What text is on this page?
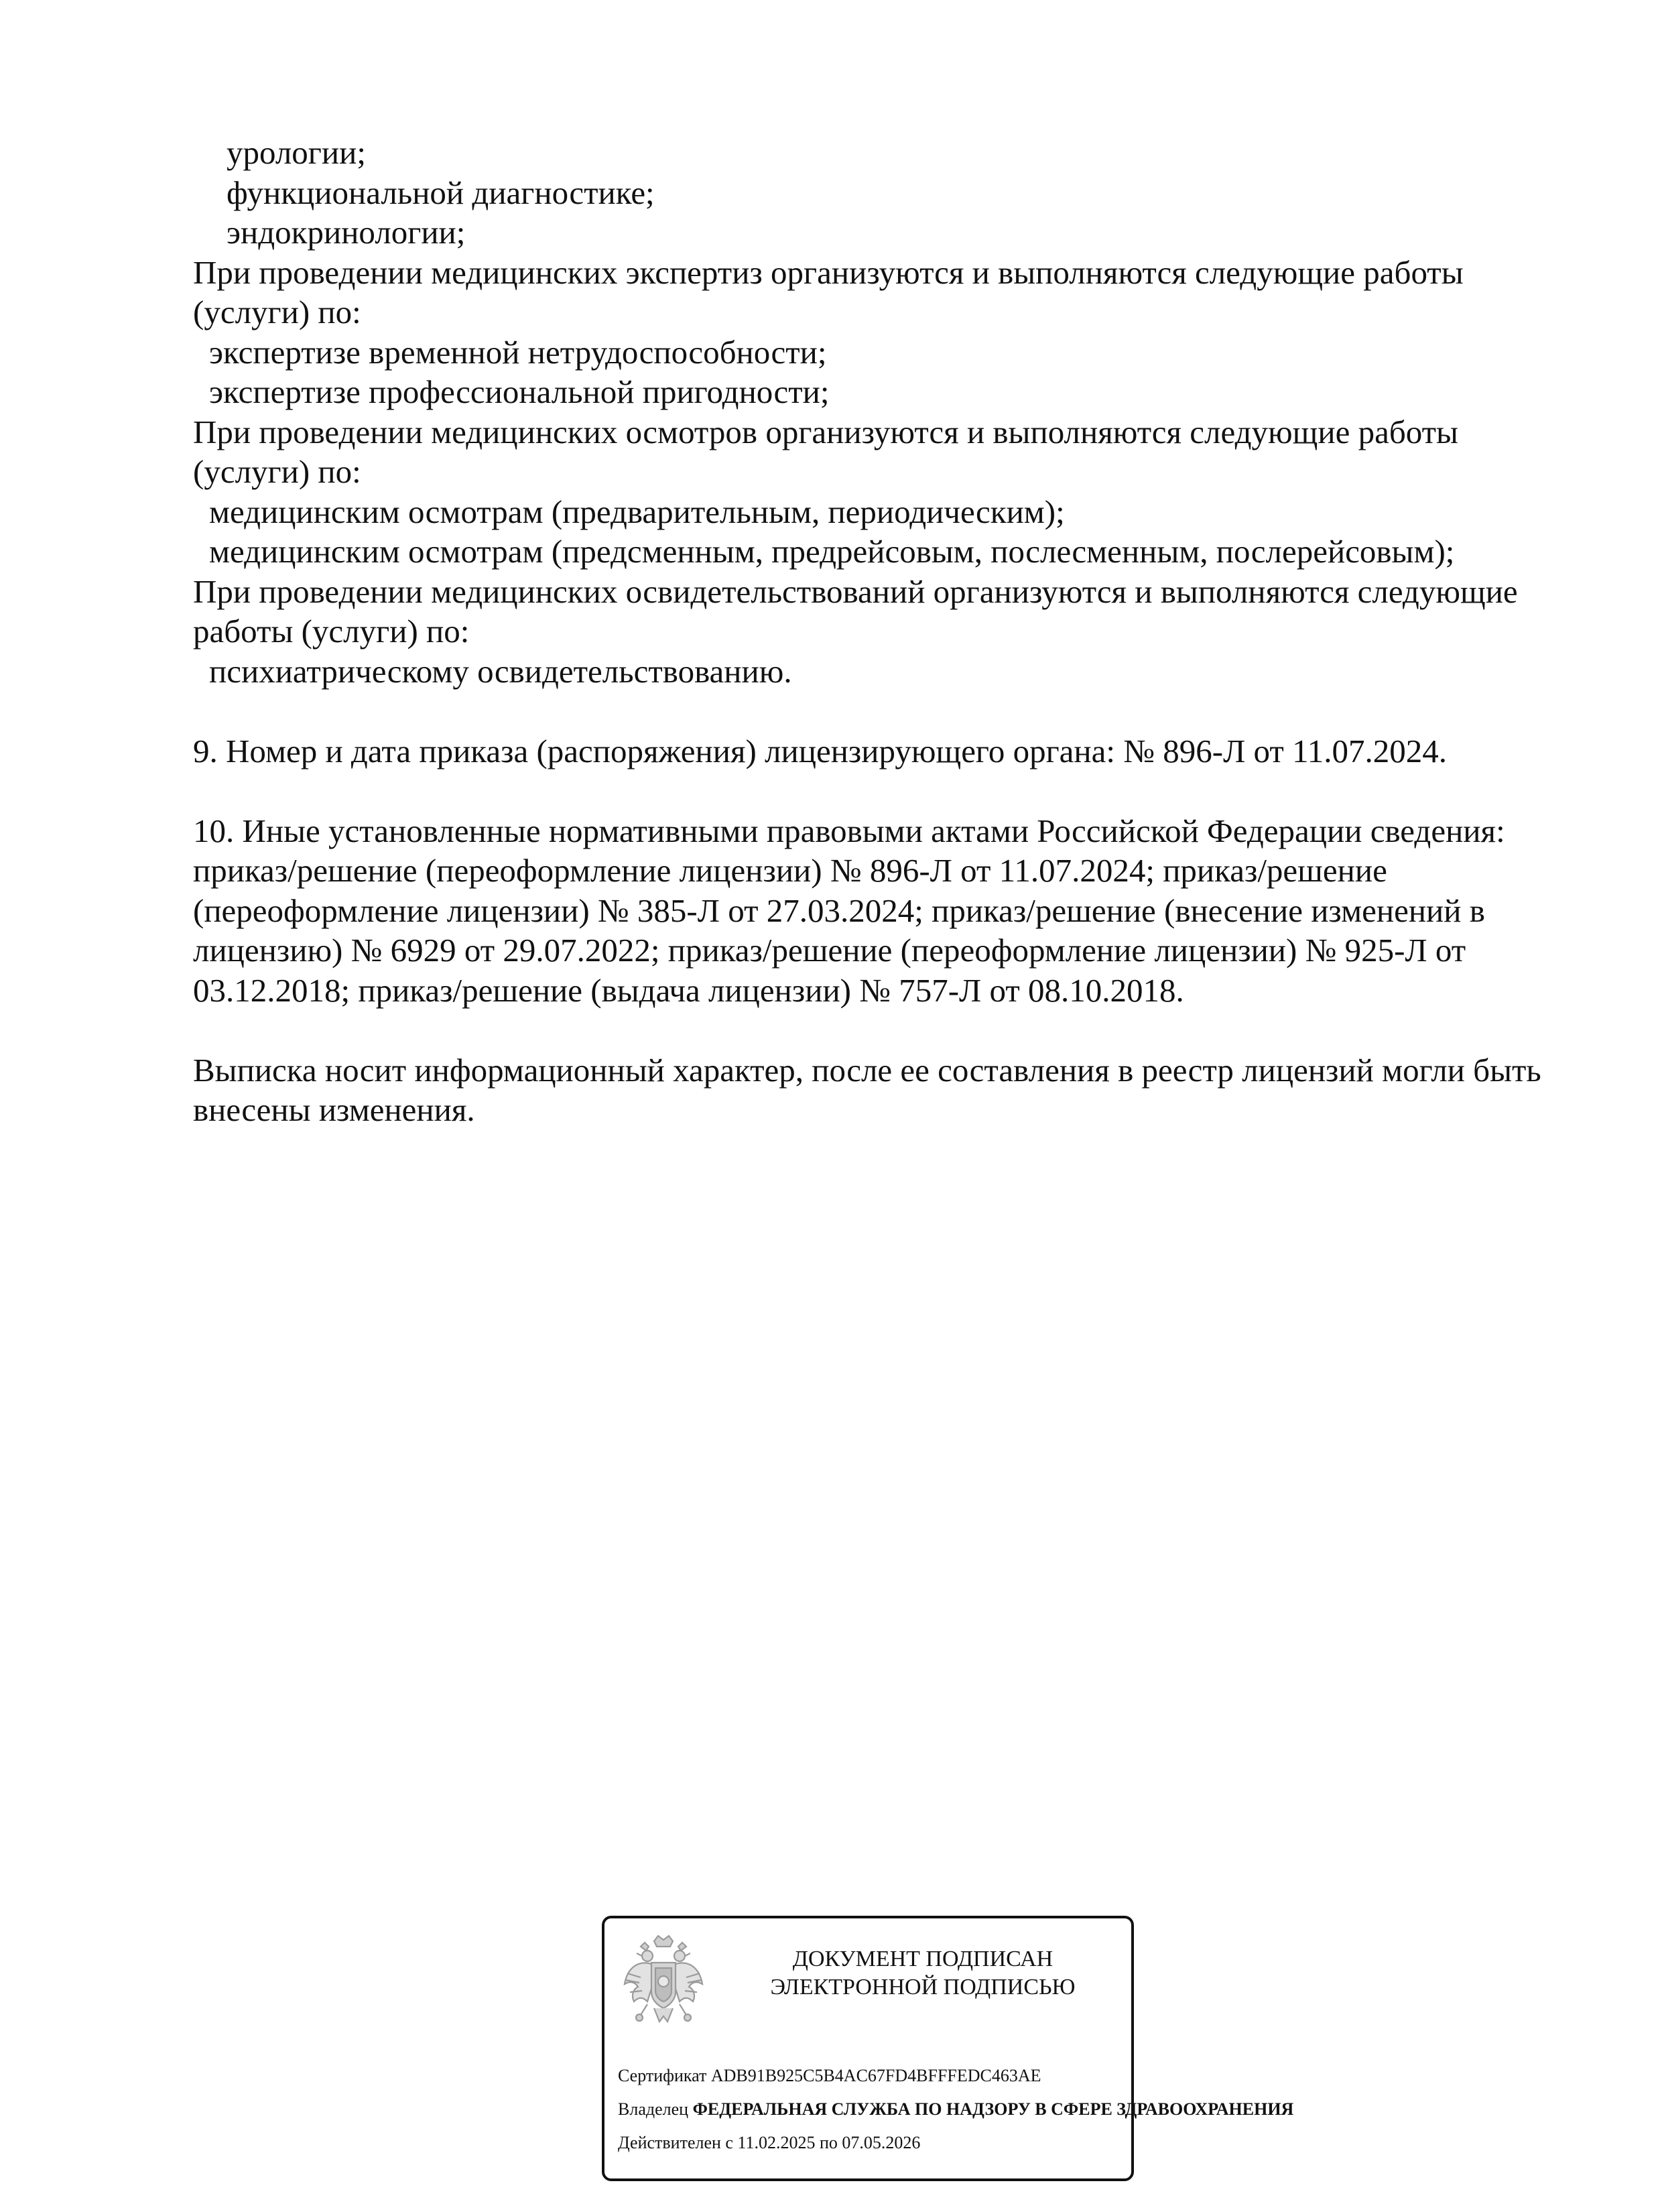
урологии;
функциональной диагностике;
эндокринологии;
При проведении медицинских экспертиз организуются и выполняются следующие работы
(услуги) по:
экспертизе временной нетрудоспособности;
экспертизе профессиональной пригодности;
При проведении медицинских осмотров организуются и выполняются следующие работы
(услуги) по:
медицинским осмотрам (предварительным, периодическим);
медицинским осмотрам (предсменным, предрейсовым, послесменным, послерейсовым);
При проведении медицинских освидетельствований организуются и выполняются следующие
работы (услуги) по:
психиатрическому освидетельствованию.
9. Номер и дата приказа (распоряжения) лицензирующего органа: № 896-Л от 11.07.2024.
10. Иные установленные нормативными правовыми актами Российской Федерации сведения:
приказ/решение (переоформление лицензии) № 896-Л от 11.07.2024; приказ/решение
(переоформление лицензии) № 385-Л от 27.03.2024; приказ/решение (внесение изменений в
лицензию) № 6929 от 29.07.2022; приказ/решение (переоформление лицензии) № 925-Л от
03.12.2018; приказ/решение (выдача лицензии) № 757-Л от 08.10.2018.
Выписка носит информационный характер, после ее составления в реестр лицензий могли быть
внесены изменения.
ДОКУМЕНТ ПОДПИСАН
ЭЛЕКТРОННОЙ ПОДПИСЬЮ
Сертификат ADB91B925C5B4AC67FD4BFFFEDC463AE
Владелец ФЕДЕРАЛЬНАЯ СЛУЖБА ПО НАДЗОРУ В СФЕРЕ ЗДРАВООХРАНЕНИЯ
Действителен с 11.02.2025 по 07.05.2026
